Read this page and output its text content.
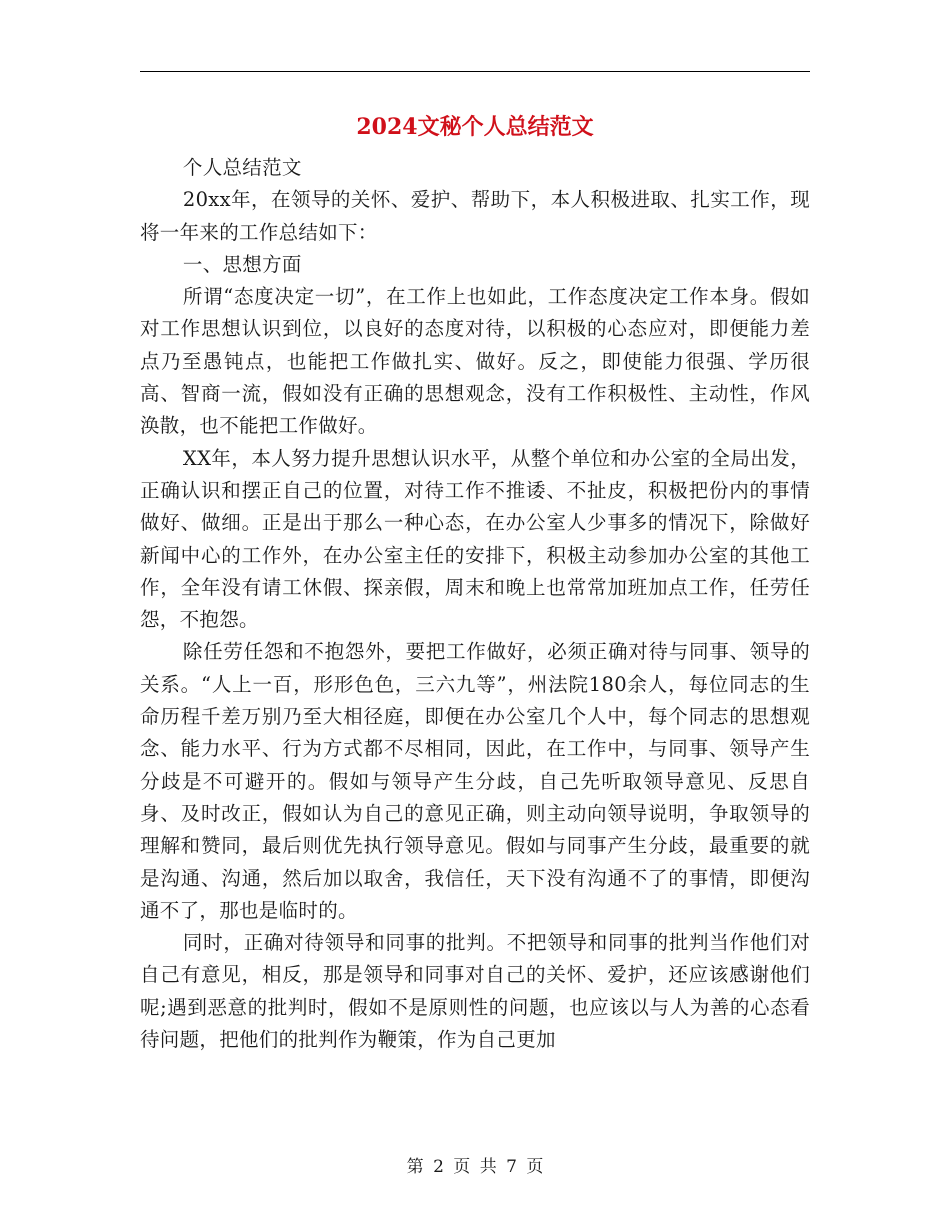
2024文秘个人总结范文

个人总结范文

20xx年，在领导的关怀、爱护、帮助下，本人积极进取、扎实工作，现将一年来的工作总结如下：

一、思想方面

所谓“态度决定一切”，在工作上也如此，工作态度决定工作本身。假如对工作思想认识到位，以良好的态度对待，以积极的心态应对，即便能力差点乃至愚钝点，也能把工作做扎实、做好。反之，即使能力很强、学历很高、智商一流，假如没有正确的思想观念，没有工作积极性、主动性，作风涣散，也不能把工作做好。

XX年，本人努力提升思想认识水平，从整个单位和办公室的全局出发，正确认识和摆正自己的位置，对待工作不推诿、不扯皮，积极把份内的事情做好、做细。正是出于那么一种心态，在办公室人少事多的情况下，除做好新闻中心的工作外，在办公室主任的安排下，积极主动参加办公室的其他工作，全年没有请工休假、探亲假，周末和晚上也常常加班加点工作，任劳任怨，不抱怨。

除任劳任怨和不抱怨外，要把工作做好，必须正确对待与同事、领导的关系。“人上一百，形形色色，三六九等”，州法院180余人，每位同志的生命历程千差万别乃至大相径庭，即便在办公室几个人中，每个同志的思想观念、能力水平、行为方式都不尽相同，因此，在工作中，与同事、领导产生分歧是不可避开的。假如与领导产生分歧，自己先听取领导意见、反思自身、及时改正，假如认为自己的意见正确，则主动向领导说明，争取领导的理解和赞同，最后则优先执行领导意见。假如与同事产生分歧，最重要的就是沟通、沟通，然后加以取舍，我信任，天下没有沟通不了的事情，即便沟通不了，那也是临时的。

同时，正确对待领导和同事的批判。不把领导和同事的批判当作他们对自己有意见，相反，那是领导和同事对自己的关怀、爱护，还应该感谢他们呢;遇到恶意的批判时，假如不是原则性的问题，也应该以与人为善的心态看待问题，把他们的批判作为鞭策，作为自己更加

第 2 页 共 7 页
